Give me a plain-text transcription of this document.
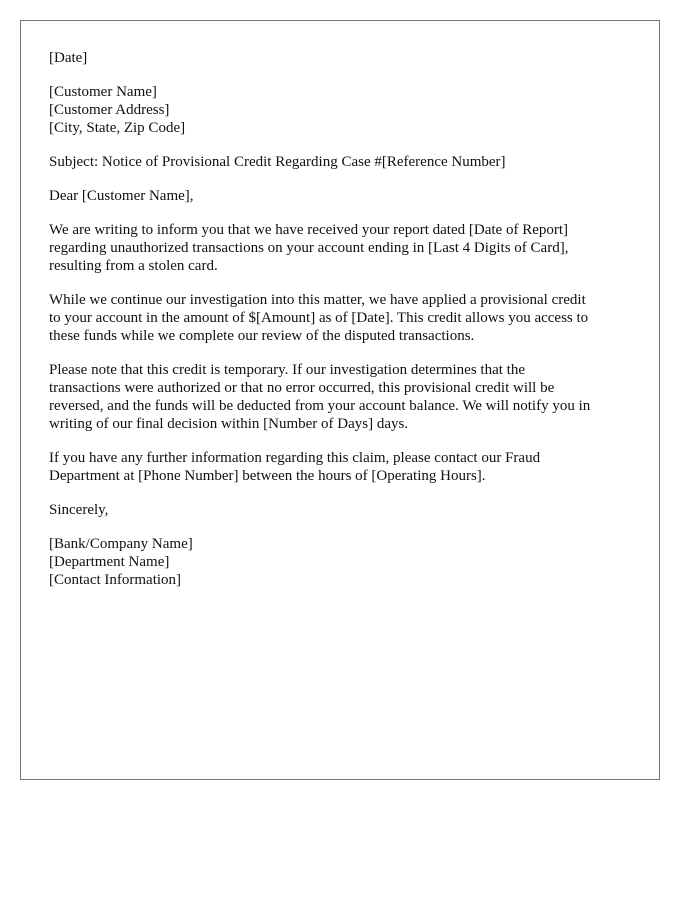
[Date]
[Customer Name]
[Customer Address]
[City, State, Zip Code]

Subject: Notice of Provisional Credit Regarding Case #[Reference Number]

Dear [Customer Name],

We are writing to inform you that we have received your report dated [Date of Report]
regarding unauthorized transactions on your account ending in [Last 4 Digits of Card],
resulting from a stolen card.

While we continue our investigation into this matter, we have applied a provisional credit
to your account in the amount of $[Amount] as of [Date]. This credit allows you access to
these funds while we complete our review of the disputed transactions.

Please note that this credit is temporary. If our investigation determines that the
transactions were authorized or that no error occurred, this provisional credit will be
reversed, and the funds will be deducted from your account balance. We will notify you in
writing of our final decision within [Number of Days] days.

If you have any further information regarding this claim, please contact our Fraud
Department at [Phone Number] between the hours of [Operating Hours].

Sincerely,

[Bank/Company Name]
[Department Name]
[Contact Information]
